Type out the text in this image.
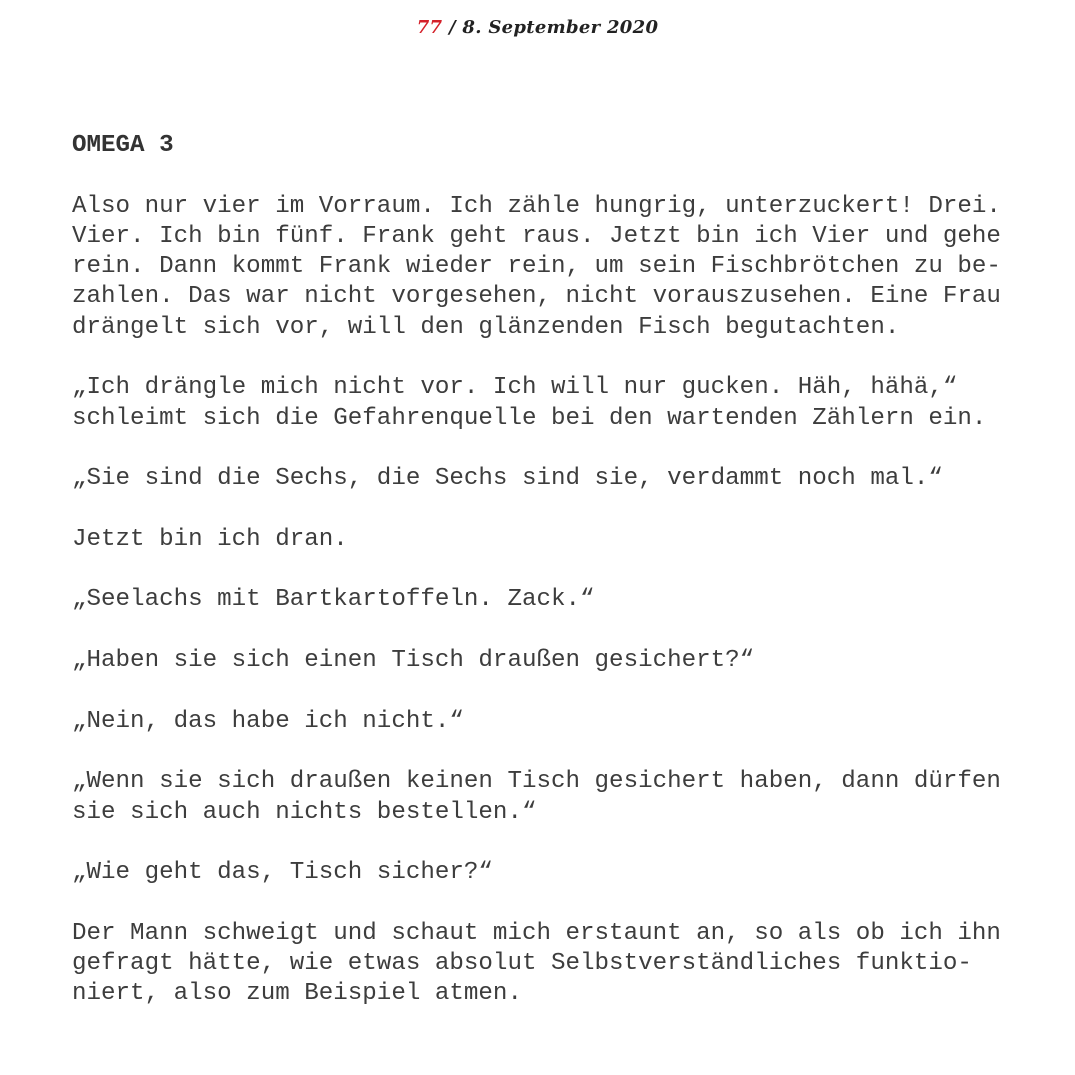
77 / 8. September 2020
OMEGA 3

Also nur vier im Vorraum. Ich zähle hungrig, unterzuckert! Drei.
Vier. Ich bin fünf. Frank geht raus. Jetzt bin ich Vier und gehe
rein. Dann kommt Frank wieder rein, um sein Fischbrötchen zu be-
zahlen. Das war nicht vorgesehen, nicht vorauszusehen. Eine Frau
drängelt sich vor, will den glänzenden Fisch begutachten.

„Ich drängle mich nicht vor. Ich will nur gucken. Häh, hähä,“
schleimt sich die Gefahrenquelle bei den wartenden Zählern ein.

„Sie sind die Sechs, die Sechs sind sie, verdammt noch mal.“

Jetzt bin ich dran.

„Seelachs mit Bartkartoffeln. Zack.“

„Haben sie sich einen Tisch draußen gesichert?“

„Nein, das habe ich nicht.“

„Wenn sie sich draußen keinen Tisch gesichert haben, dann dürfen
sie sich auch nichts bestellen.“

„Wie geht das, Tisch sicher?“

Der Mann schweigt und schaut mich erstaunt an, so als ob ich ihn
gefragt hätte, wie etwas absolut Selbstverständliches funktio-
niert, also zum Beispiel atmen.
